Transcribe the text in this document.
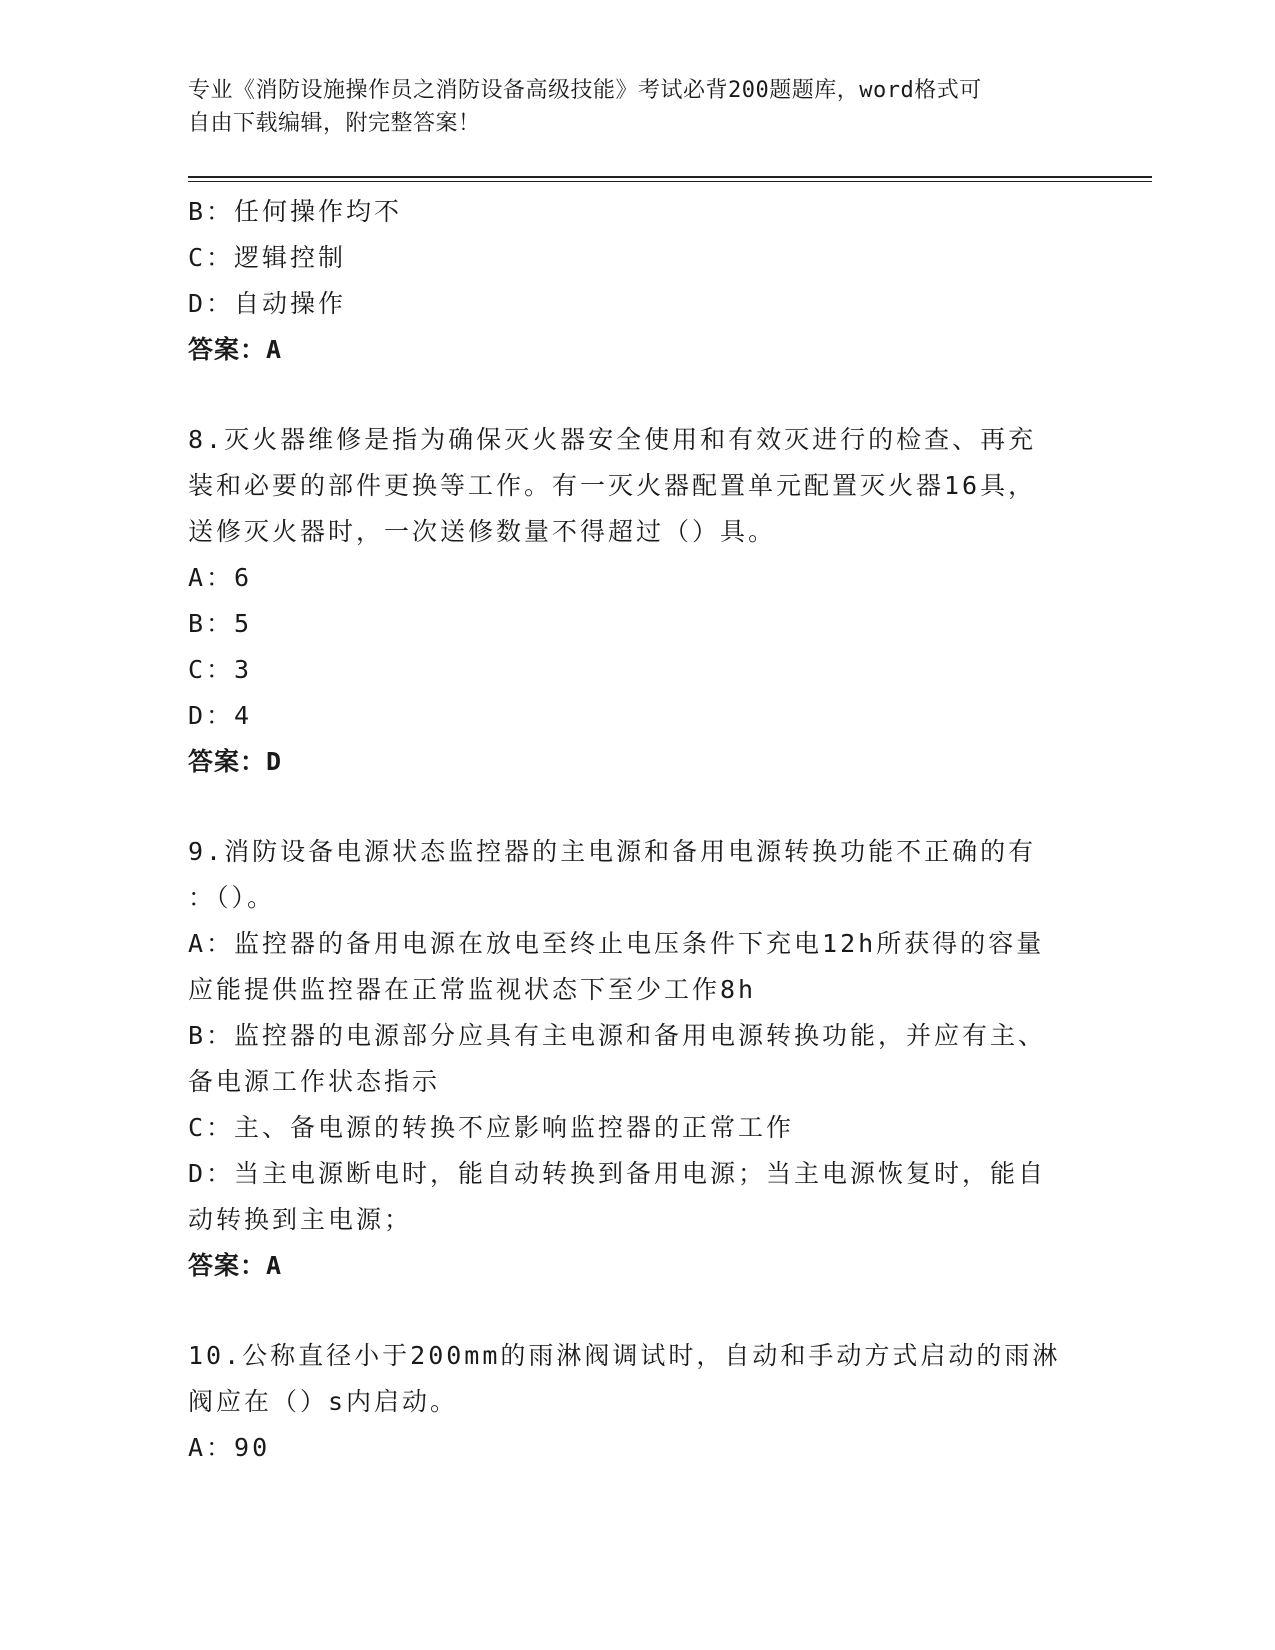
专业《消防设施操作员之消防设备高级技能》考试必背200题题库，word格式可
自由下载编辑，附完整答案！
B：任何操作均不
C：逻辑控制
D：自动操作
答案：A
8.灭火器维修是指为确保灭火器安全使用和有效灭进行的检查、再充
装和必要的部件更换等工作。有一灭火器配置单元配置灭火器16具，
送修灭火器时，一次送修数量不得超过（）具。
A：6
B：5
C：3
D：4
答案：D
9.消防设备电源状态监控器的主电源和备用电源转换功能不正确的有
：（）。
A：监控器的备用电源在放电至终止电压条件下充电12h所获得的容量
应能提供监控器在正常监视状态下至少工作8h
B：监控器的电源部分应具有主电源和备用电源转换功能，并应有主、
备电源工作状态指示
C：主、备电源的转换不应影响监控器的正常工作
D：当主电源断电时，能自动转换到备用电源；当主电源恢复时，能自
动转换到主电源；
答案：A
10.公称直径小于200mm的雨淋阀调试时，自动和手动方式启动的雨淋
阀应在（）s内启动。
A：90
